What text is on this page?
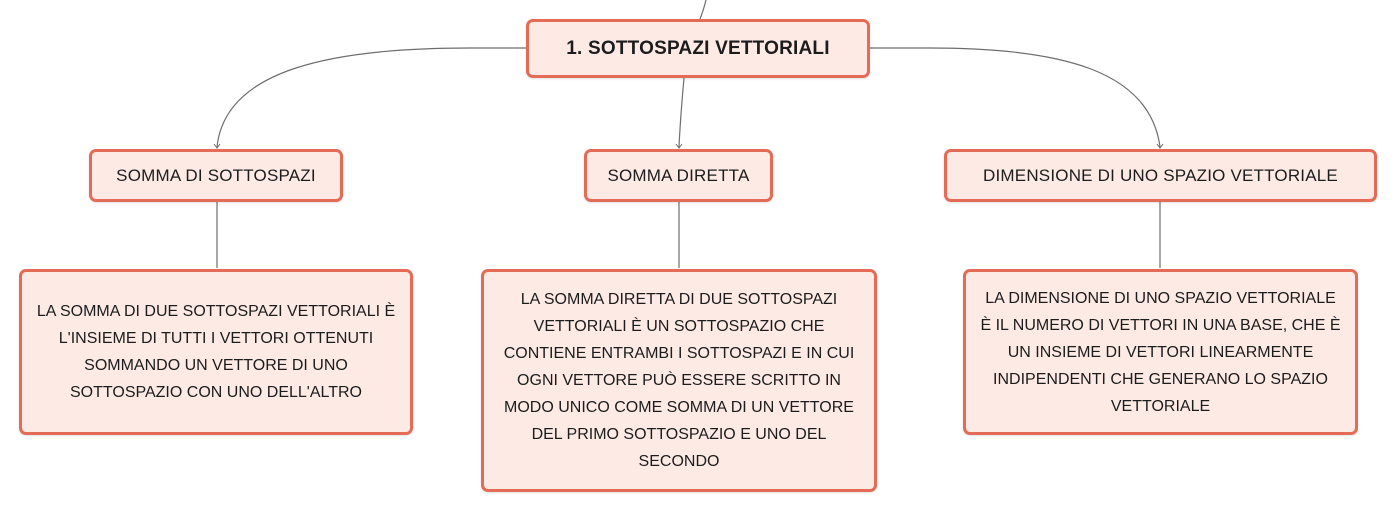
1. SOTTOSPAZI VETTORIALI
SOMMA DI SOTTOSPAZI	SOMMA DIRETTA	DIMENSIONE DI UNO SPAZIO VETTORIALE
LA SOMMA DI DUE SOTTOSPAZI VETTORIALI È
L'INSIEME DI TUTTI I VETTORI OTTENUTI
SOMMANDO UN VETTORE DI UNO
SOTTOSPAZIO CON UNO DELL'ALTRO
LA SOMMA DIRETTA DI DUE SOTTOSPAZI
VETTORIALI È UN SOTTOSPAZIO CHE
CONTIENE ENTRAMBI I SOTTOSPAZI E IN CUI
OGNI VETTORE PUÒ ESSERE SCRITTO IN
MODO UNICO COME SOMMA DI UN VETTORE
DEL PRIMO SOTTOSPAZIO E UNO DEL
SECONDO
LA DIMENSIONE DI UNO SPAZIO VETTORIALE
È IL NUMERO DI VETTORI IN UNA BASE, CHE È
UN INSIEME DI VETTORI LINEARMENTE
INDIPENDENTI CHE GENERANO LO SPAZIO
VETTORIALE
